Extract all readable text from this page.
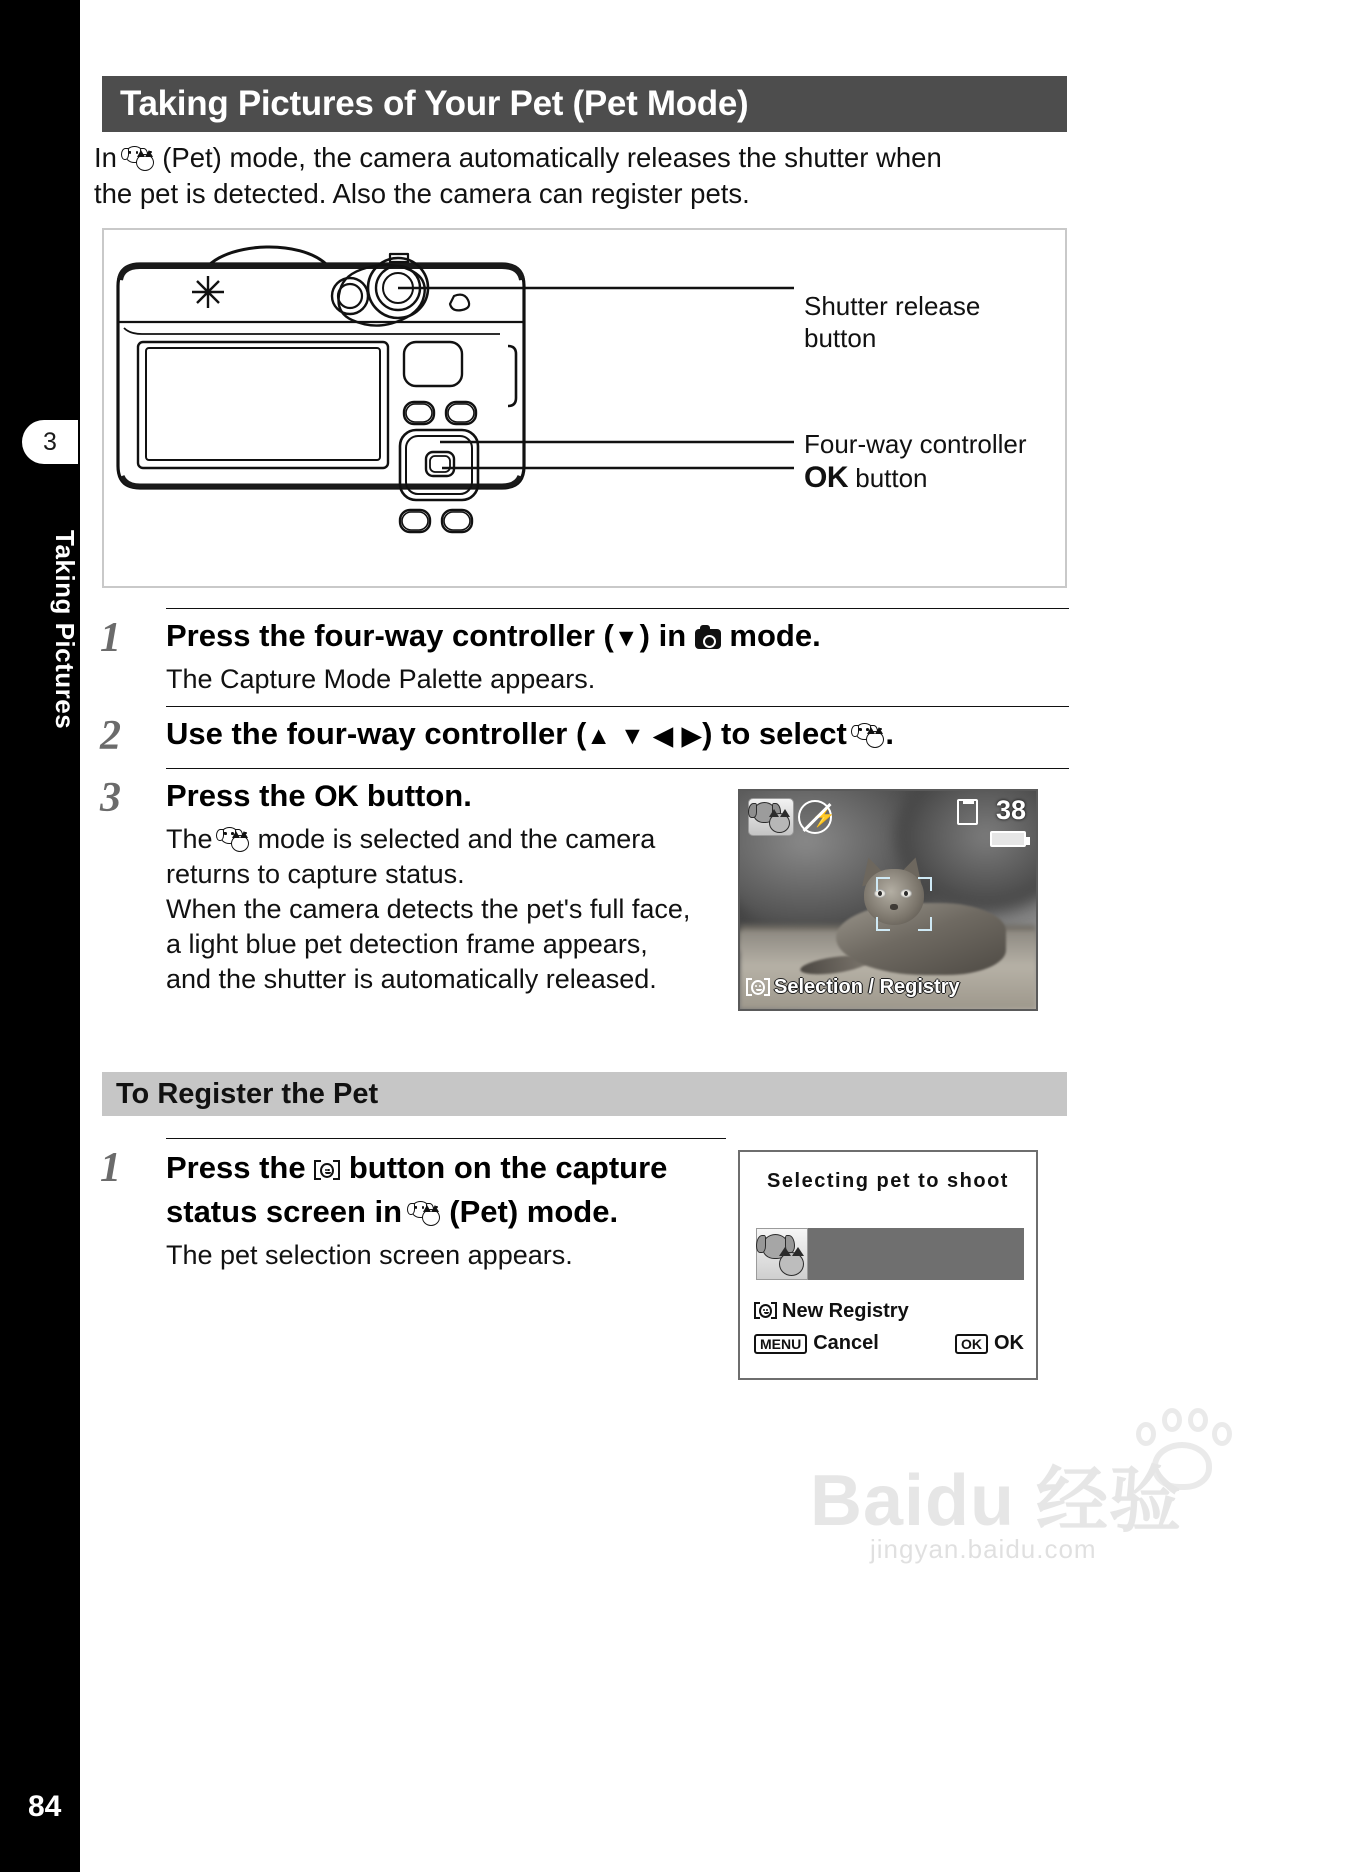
3
Taking Pictures
84
Taking Pictures of Your Pet (Pet Mode)
In (Pet) mode, the camera automatically releases the shutter when
the pet is detected. Also the camera can register pets.
Shutter release
button
Four-way controller
OK button
1 Press the four-way controller (▼) in mode.
The Capture Mode Palette appears.
2 Use the four-way controller (▲ ▼ ◀ ▶) to select .
3 Press the OK button.
The mode is selected and the camera
returns to capture status.
When the camera detects the pet's full face,
a light blue pet detection frame appears,
and the shutter is automatically released.
⚡	38
Selection / Registry
To Register the Pet
1 Press the button on the capture status screen in (Pet) mode.
The pet selection screen appears.
Selecting pet to shoot
New Registry
MENU Cancel	OK OK
Baidu 经验
jingyan.baidu.com
